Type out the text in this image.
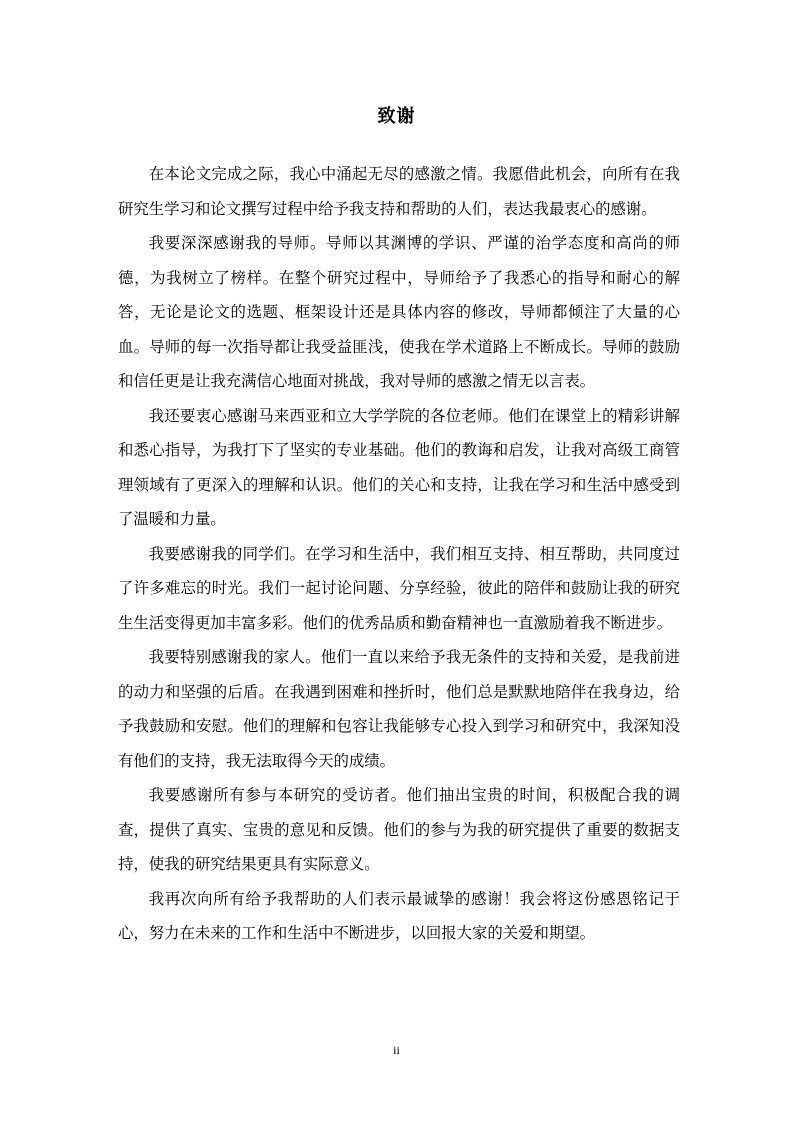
致谢

在本论文完成之际，我心中涌起无尽的感激之情。我愿借此机会，向所有在我研究生学习和论文撰写过程中给予我支持和帮助的人们，表达我最衷心的感谢。

我要深深感谢我的导师。导师以其渊博的学识、严谨的治学态度和高尚的师德，为我树立了榜样。在整个研究过程中，导师给予了我悉心的指导和耐心的解答，无论是论文的选题、框架设计还是具体内容的修改，导师都倾注了大量的心血。导师的每一次指导都让我受益匪浅，使我在学术道路上不断成长。导师的鼓励和信任更是让我充满信心地面对挑战，我对导师的感激之情无以言表。

我还要衷心感谢马来西亚和立大学学院的各位老师。他们在课堂上的精彩讲解和悉心指导，为我打下了坚实的专业基础。他们的教诲和启发，让我对高级工商管理领域有了更深入的理解和认识。他们的关心和支持，让我在学习和生活中感受到了温暖和力量。

我要感谢我的同学们。在学习和生活中，我们相互支持、相互帮助，共同度过了许多难忘的时光。我们一起讨论问题、分享经验，彼此的陪伴和鼓励让我的研究生生活变得更加丰富多彩。他们的优秀品质和勤奋精神也一直激励着我不断进步。

我要特别感谢我的家人。他们一直以来给予我无条件的支持和关爱，是我前进的动力和坚强的后盾。在我遇到困难和挫折时，他们总是默默地陪伴在我身边，给予我鼓励和安慰。他们的理解和包容让我能够专心投入到学习和研究中，我深知没有他们的支持，我无法取得今天的成绩。

我要感谢所有参与本研究的受访者。他们抽出宝贵的时间，积极配合我的调查，提供了真实、宝贵的意见和反馈。他们的参与为我的研究提供了重要的数据支持，使我的研究结果更具有实际意义。

我再次向所有给予我帮助的人们表示最诚挚的感谢！我会将这份感恩铭记于心，努力在未来的工作和生活中不断进步，以回报大家的关爱和期望。

ii
